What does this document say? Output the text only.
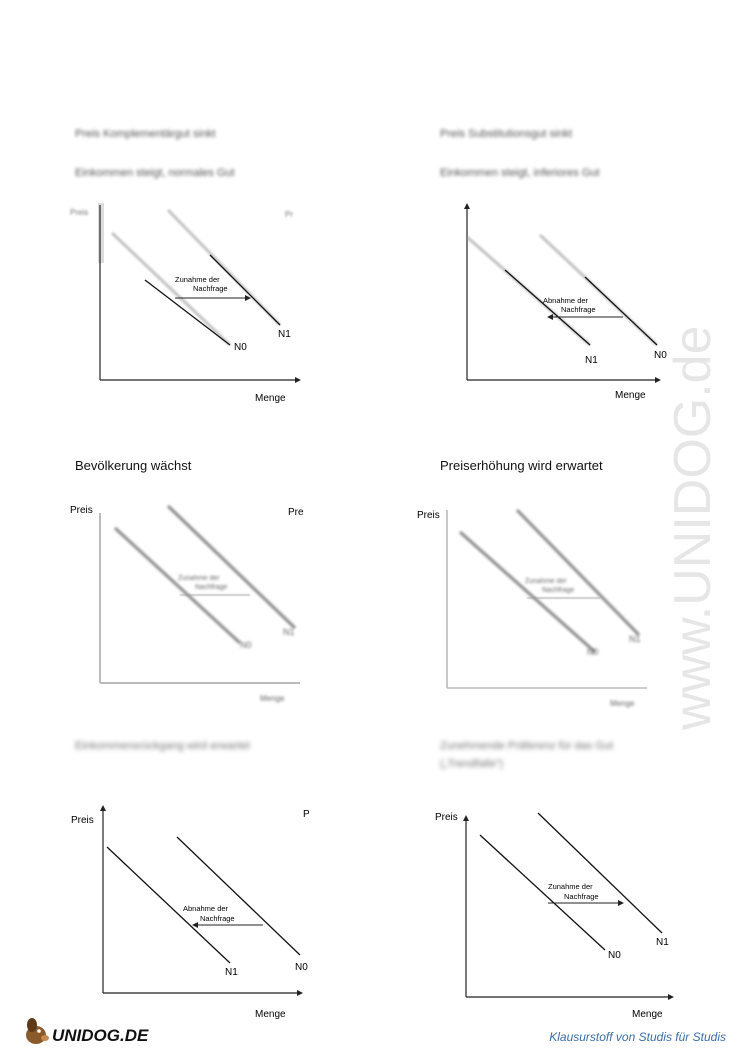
Preis Komplementärgut sinkt
Einkommen steigt, normales Gut
Zunahme der
Nachfrage
N0
N1
Preis	Pr
Menge
Preis Substitutionsgut sinkt
Einkommen steigt, inferiores Gut
Abnahme der
Nachfrage
N1	N0
Menge
Bevölkerung wächst
Zunahme der
Nachfrage
N0
N1
Menge
Preis	Pre
Preiserhöhung wird erwartet
Zunahme der
Nachfrage
N0
N1
Menge
Preis
Einkommensrückgang wird erwartet
Abnahme der
Nachfrage
N1	N0
Preis
P
Menge
Zunehmende Präferenz für das Gut
(„Trendfalle“)
Zunahme der
Nachfrage
N0
N1
Preis
Menge
www.UNIDOG.de
UNIDOG.DE	Klausurstoff von Studis für Studis
